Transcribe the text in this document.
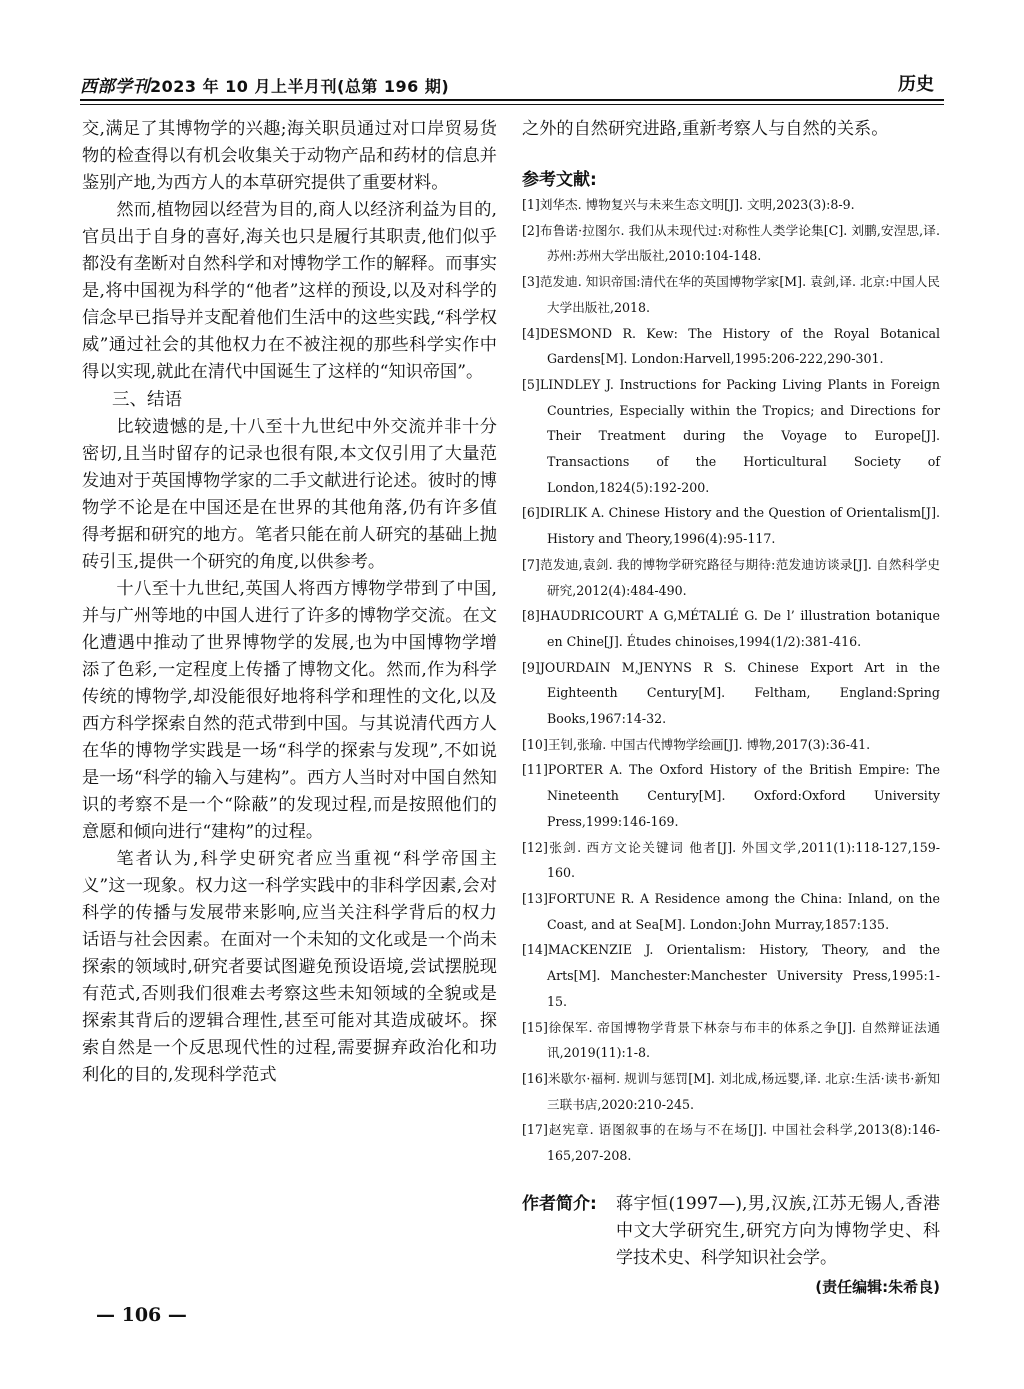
西部学刊2023 年 10 月上半月刊(总第 196 期)	历史

交,满足了其博物学的兴趣;海关职员通过对口岸贸易货物的检查得以有机会收集关于动物产品和药材的信息并鉴别产地,为西方人的本草研究提供了重要材料。

然而,植物园以经营为目的,商人以经济利益为目的,官员出于自身的喜好,海关也只是履行其职责,他们似乎都没有垄断对自然科学和对博物学工作的解释。而事实是,将中国视为科学的“他者”这样的预设,以及对科学的信念早已指导并支配着他们生活中的这些实践,“科学权威”通过社会的其他权力在不被注视的那些科学实作中得以实现,就此在清代中国诞生了这样的“知识帝国”。

三、结语

比较遗憾的是,十八至十九世纪中外交流并非十分密切,且当时留存的记录也很有限,本文仅引用了大量范发迪对于英国博物学家的二手文献进行论述。彼时的博物学不论是在中国还是在世界的其他角落,仍有许多值得考据和研究的地方。笔者只能在前人研究的基础上抛砖引玉,提供一个研究的角度,以供参考。

十八至十九世纪,英国人将西方博物学带到了中国,并与广州等地的中国人进行了许多的博物学交流。在文化遭遇中推动了世界博物学的发展,也为中国博物学增添了色彩,一定程度上传播了博物文化。然而,作为科学传统的博物学,却没能很好地将科学和理性的文化,以及西方科学探索自然的范式带到中国。与其说清代西方人在华的博物学实践是一场“科学的探索与发现”,不如说是一场“科学的输入与建构”。西方人当时对中国自然知识的考察不是一个“除蔽”的发现过程,而是按照他们的意愿和倾向进行“建构”的过程。

笔者认为,科学史研究者应当重视“科学帝国主义”这一现象。权力这一科学实践中的非科学因素,会对科学的传播与发展带来影响,应当关注科学背后的权力话语与社会因素。在面对一个未知的文化或是一个尚未探索的领域时,研究者要试图避免预设语境,尝试摆脱现有范式,否则我们很难去考察这些未知领域的全貌或是探索其背后的逻辑合理性,甚至可能对其造成破坏。探索自然是一个反思现代性的过程,需要摒弃政治化和功利化的目的,发现科学范式

之外的自然研究进路,重新考察人与自然的关系。

参考文献:

[1]刘华杰. 博物复兴与未来生态文明[J]. 文明,2023(3):8-9.

[2]布鲁诺·拉图尔. 我们从未现代过:对称性人类学论集[C]. 刘鹏,安涅思,译. 苏州:苏州大学出版社,2010:104-148.

[3]范发迪. 知识帝国:清代在华的英国博物学家[M]. 袁剑,译. 北京:中国人民大学出版社,2018.

[4]DESMOND R. Kew: The History of the Royal Botanical Gardens[M]. London:Harvell,1995:206-222,290-301.

[5]LINDLEY J. Instructions for Packing Living Plants in Foreign Countries, Especially within the Tropics; and Directions for Their Treatment during the Voyage to Europe[J]. Transactions of the Horticultural Society of London,1824(5):192-200.

[6]DIRLIK A. Chinese History and the Question of Orientalism[J]. History and Theory,1996(4):95-117.

[7]范发迪,袁剑. 我的博物学研究路径与期待:范发迪访谈录[J]. 自然科学史研究,2012(4):484-490.

[8]HAUDRICOURT A G,MÉTALIÉ G. De l’ illustration botanique en Chine[J]. Études chinoises,1994(1/2):381-416.

[9]JOURDAIN M,JENYNS R S. Chinese Export Art in the Eighteenth Century[M]. Feltham, England:Spring Books,1967:14-32.

[10]王钊,张瑜. 中国古代博物学绘画[J]. 博物,2017(3):36-41.

[11]PORTER A. The Oxford History of the British Empire: The Nineteenth Century[M]. Oxford:Oxford University Press,1999:146-169.

[12]张剑. 西方文论关键词 他者[J]. 外国文学,2011(1):118-127,159-160.

[13]FORTUNE R. A Residence among the China: Inland, on the Coast, and at Sea[M]. London:John Murray,1857:135.

[14]MACKENZIE J. Orientalism: History, Theory, and the Arts[M]. Manchester:Manchester University Press,1995:1-15.

[15]徐保军. 帝国博物学背景下林奈与布丰的体系之争[J]. 自然辩证法通讯,2019(11):1-8.

[16]米歇尔·福柯. 规训与惩罚[M]. 刘北成,杨远婴,译. 北京:生活·读书·新知三联书店,2020:210-245.

[17]赵宪章. 语图叙事的在场与不在场[J]. 中国社会科学,2013(8):146-165,207-208.

作者简介:	蒋宇恒(1997—),男,汉族,江苏无锡人,香港中文大学研究生,研究方向为博物学史、科学技术史、科学知识社会学。
(责任编辑:朱希良)
— 106 —
